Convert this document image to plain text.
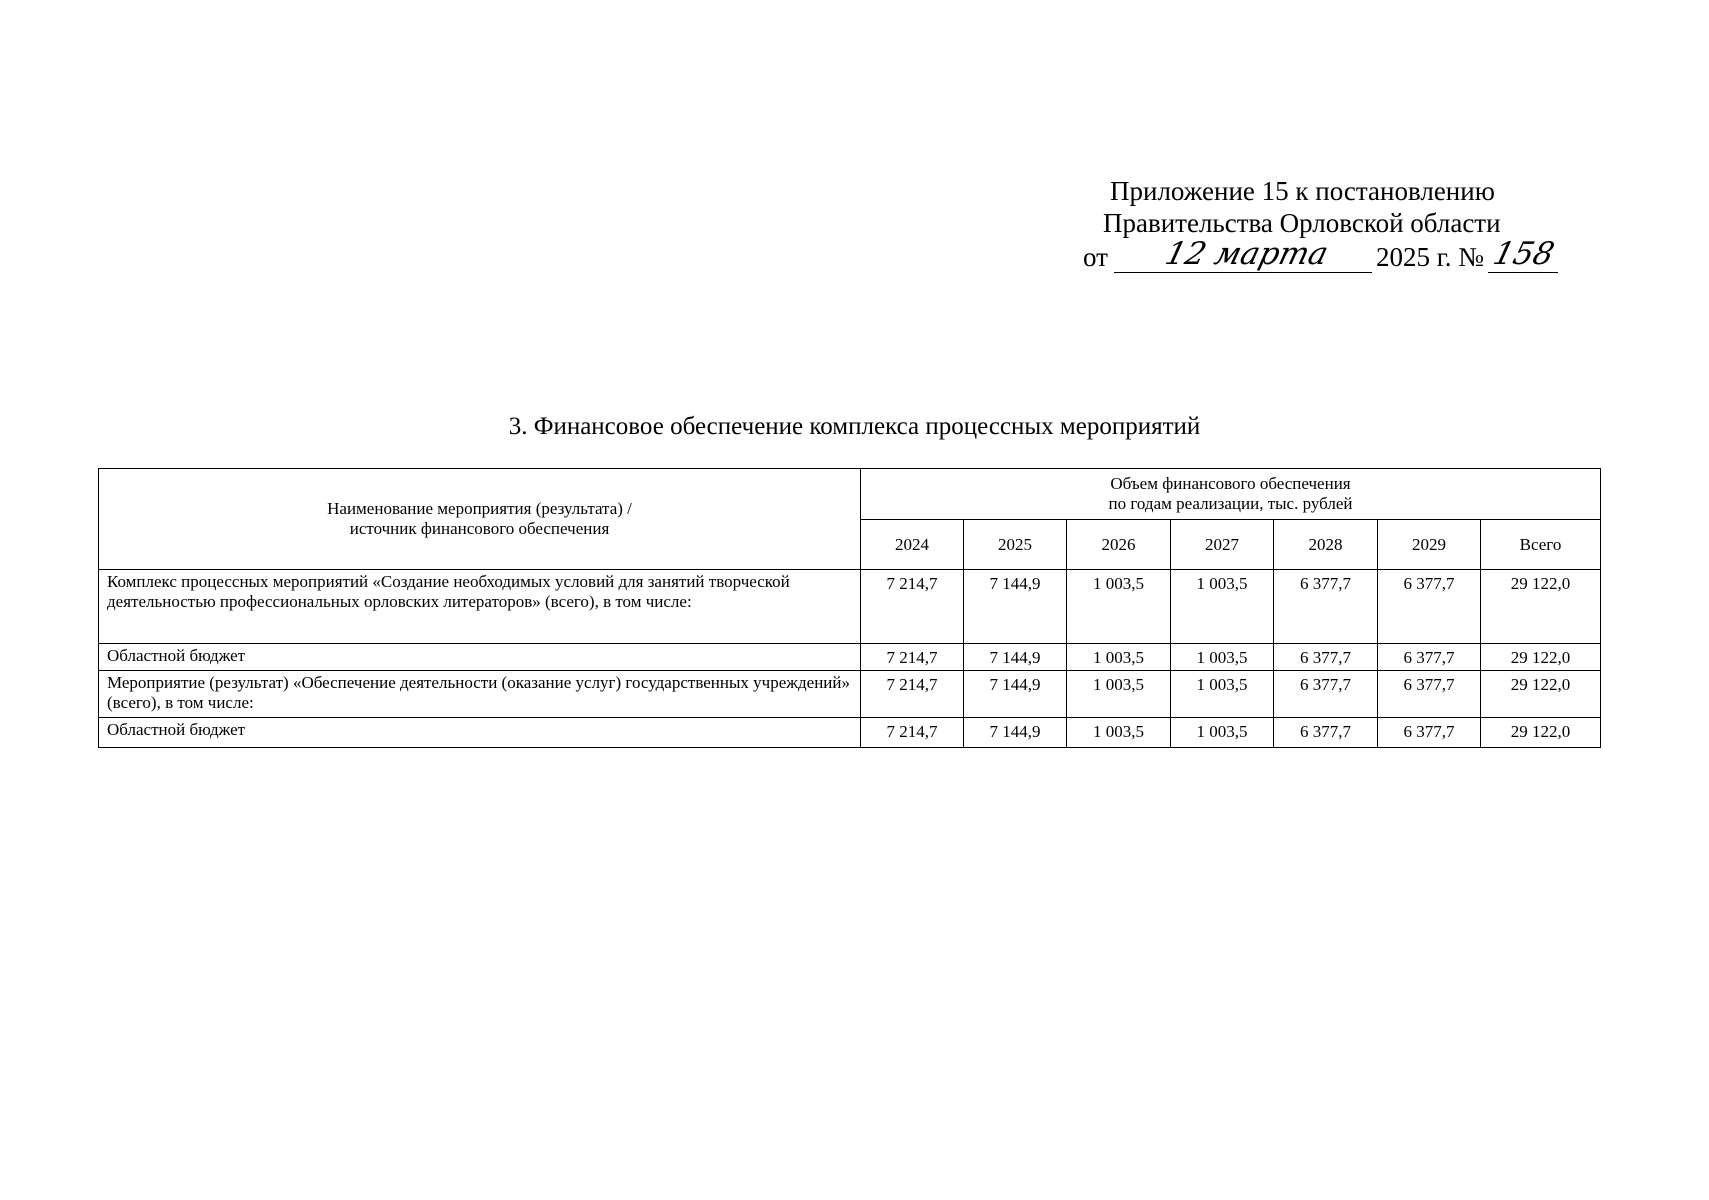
Приложение 15 к постановлению
Правительства Орловской области
от 12 марта 2025 г. № 158
3. Финансовое обеспечение комплекса процессных мероприятий
Наименование мероприятия (результата) /
источник финансового обеспечения	Объем финансового обеспечения
по годам реализации, тыс. рублей						

	2024	2025	2026	2027	2028	2029	Всего
Комплекс процессных мероприятий «Создание необходимых условий для занятий творческой деятельностью профессиональных орловских литераторов» (всего), в том числе:	7 214,7	7 144,9	1 003,5	1 003,5	6 377,7	6 377,7	29 122,0
Областной бюджет	7 214,7	7 144,9	1 003,5	1 003,5	6 377,7	6 377,7	29 122,0
Мероприятие (результат) «Обеспечение деятельности (оказание услуг) государственных учреждений» (всего), в том числе:	7 214,7	7 144,9	1 003,5	1 003,5	6 377,7	6 377,7	29 122,0
Областной бюджет	7 214,7	7 144,9	1 003,5	1 003,5	6 377,7	6 377,7	29 122,0
